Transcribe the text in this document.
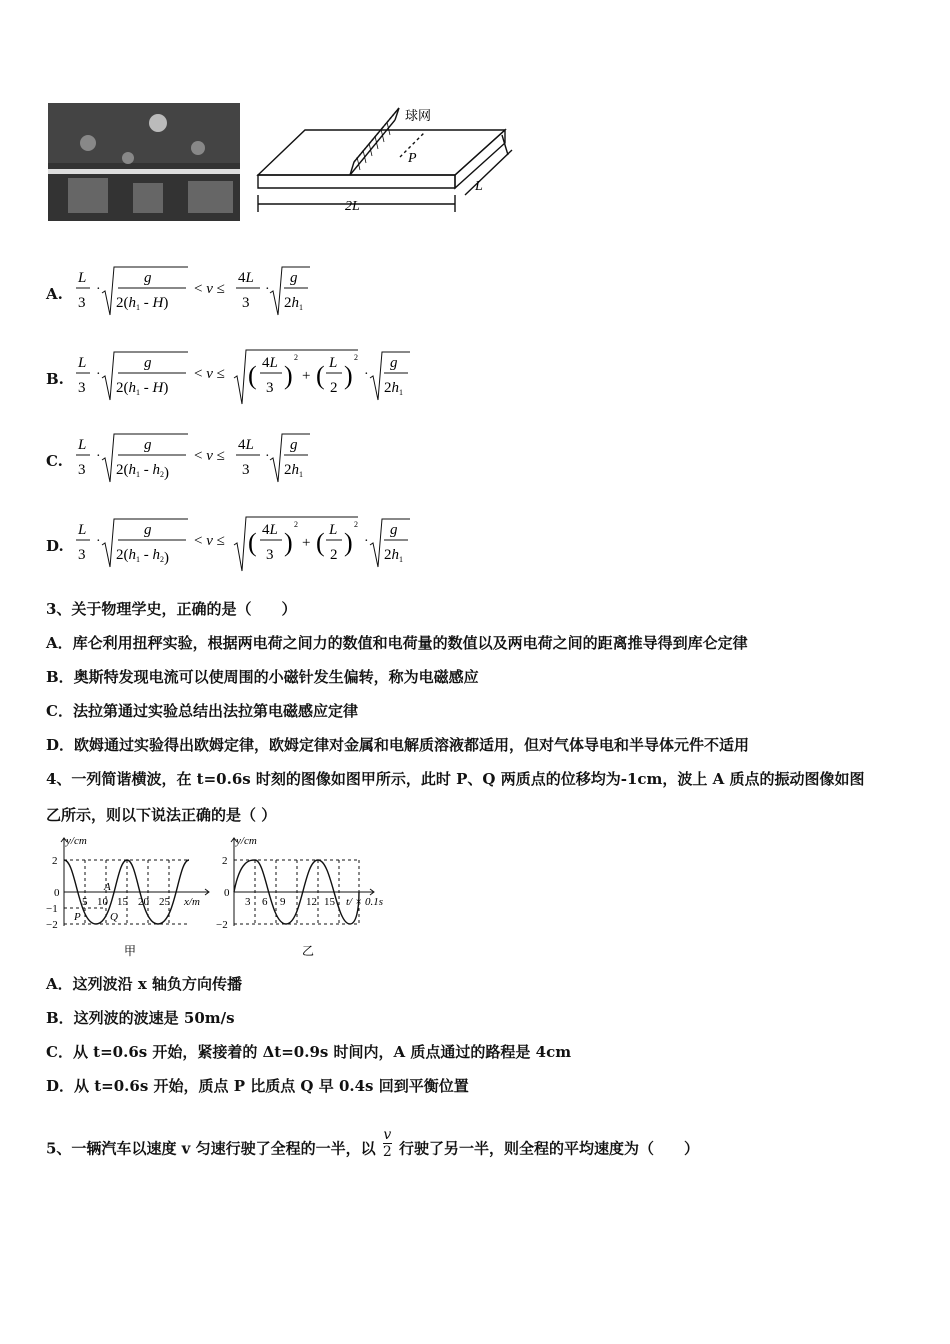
球网
P
2L
L
A.
L
3
·
g
$2(h_1 - H)$
< v ≤
4L
3
·
g
$2h_1$
B.
L
3
·
g
$2(h_1 - H)$
< v ≤ ( 4L
3 )
2
+ ( L
2 )
2
·
g
$2h_1$
C.
L
3
·
g
$2(h_1 - h_2)$
< v ≤
4L
3
·
g
$2h_1$
D.
L
3
·
g
$2(h_1 - h_2)$
< v ≤ ( 4L
3 )
2
+ ( L
2 )
2
·
g
$2h_1$
3、关于物理学史，正确的是（　　）
A．库仑利用扭秤实验，根据两电荷之间力的数值和电荷量的数值以及两电荷之间的距离推导得到库仑定律
B．奥斯特发现电流可以使周围的小磁针发生偏转，称为电磁感应
C．法拉第通过实验总结出法拉第电磁感应定律
D．欧姆通过实验得出欧姆定律，欧姆定律对金属和电解质溶液都适用，但对气体导电和半导体元件不适用
4、一列简谐横波，在 t=0.6s 时刻的图像如图甲所示，此时 P、Q 两质点的位移均为-1cm，波上 A 质点的振动图像如图
乙所示，则以下说法正确的是（ ）
y/cm
x/m
2
0
−1
−2
5 10 15 20 25
A
P	Q
甲
y/cm
t/ × 0.1s
2
0
−2
3 6 9 12 15
乙
A．这列波沿 x 轴负方向传播
B．这列波的波速是 50m/s
C．从 t=0.6s 开始，紧接着的 Δt=0.9s 时间内，A 质点通过的路程是 4cm
D．从 t=0.6s 开始，质点 P 比质点 Q 早 0.4s 回到平衡位置
5、一辆汽车以速度 v 匀速行驶了全程的一半，以 $\frac{v}{2}$ 行驶了另一半，则全程的平均速度为（　　）
